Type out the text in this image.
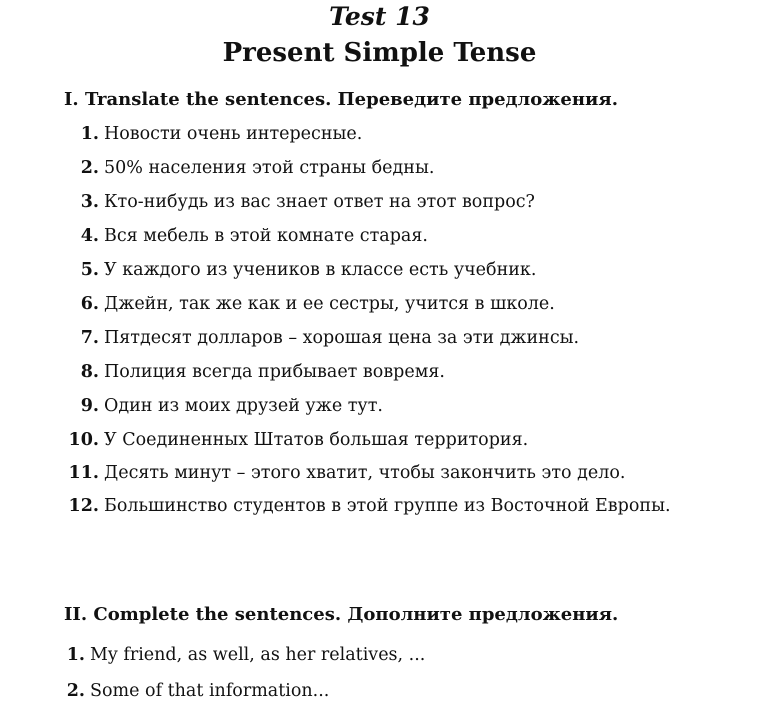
Test 13
Present Simple Tense
I. Translate the sentences. Переведите предложения.
1. Новости очень интересные.
2. 50% населения этой страны бедны.
3. Кто-нибудь из вас знает ответ на этот вопрос?
4. Вся мебель в этой комнате старая.
5. У каждого из учеников в классе есть учебник.
6. Джейн, так же как и ее сестры, учится в школе.
7. Пятдесят долларов – хорошая цена за эти джинсы.
8. Полиция всегда прибывает вовремя.
9. Один из моих друзей уже тут.
10. У Соединенных Штатов большая территория.
11. Десять минут – этого хватит, чтобы закончить это дело.
12. Большинство студентов в этой группе из Восточной Европы.
II. Complete the sentences. Дополните предложения.
1. My friend, as well, as her relatives, ...
2. Some of that information...
